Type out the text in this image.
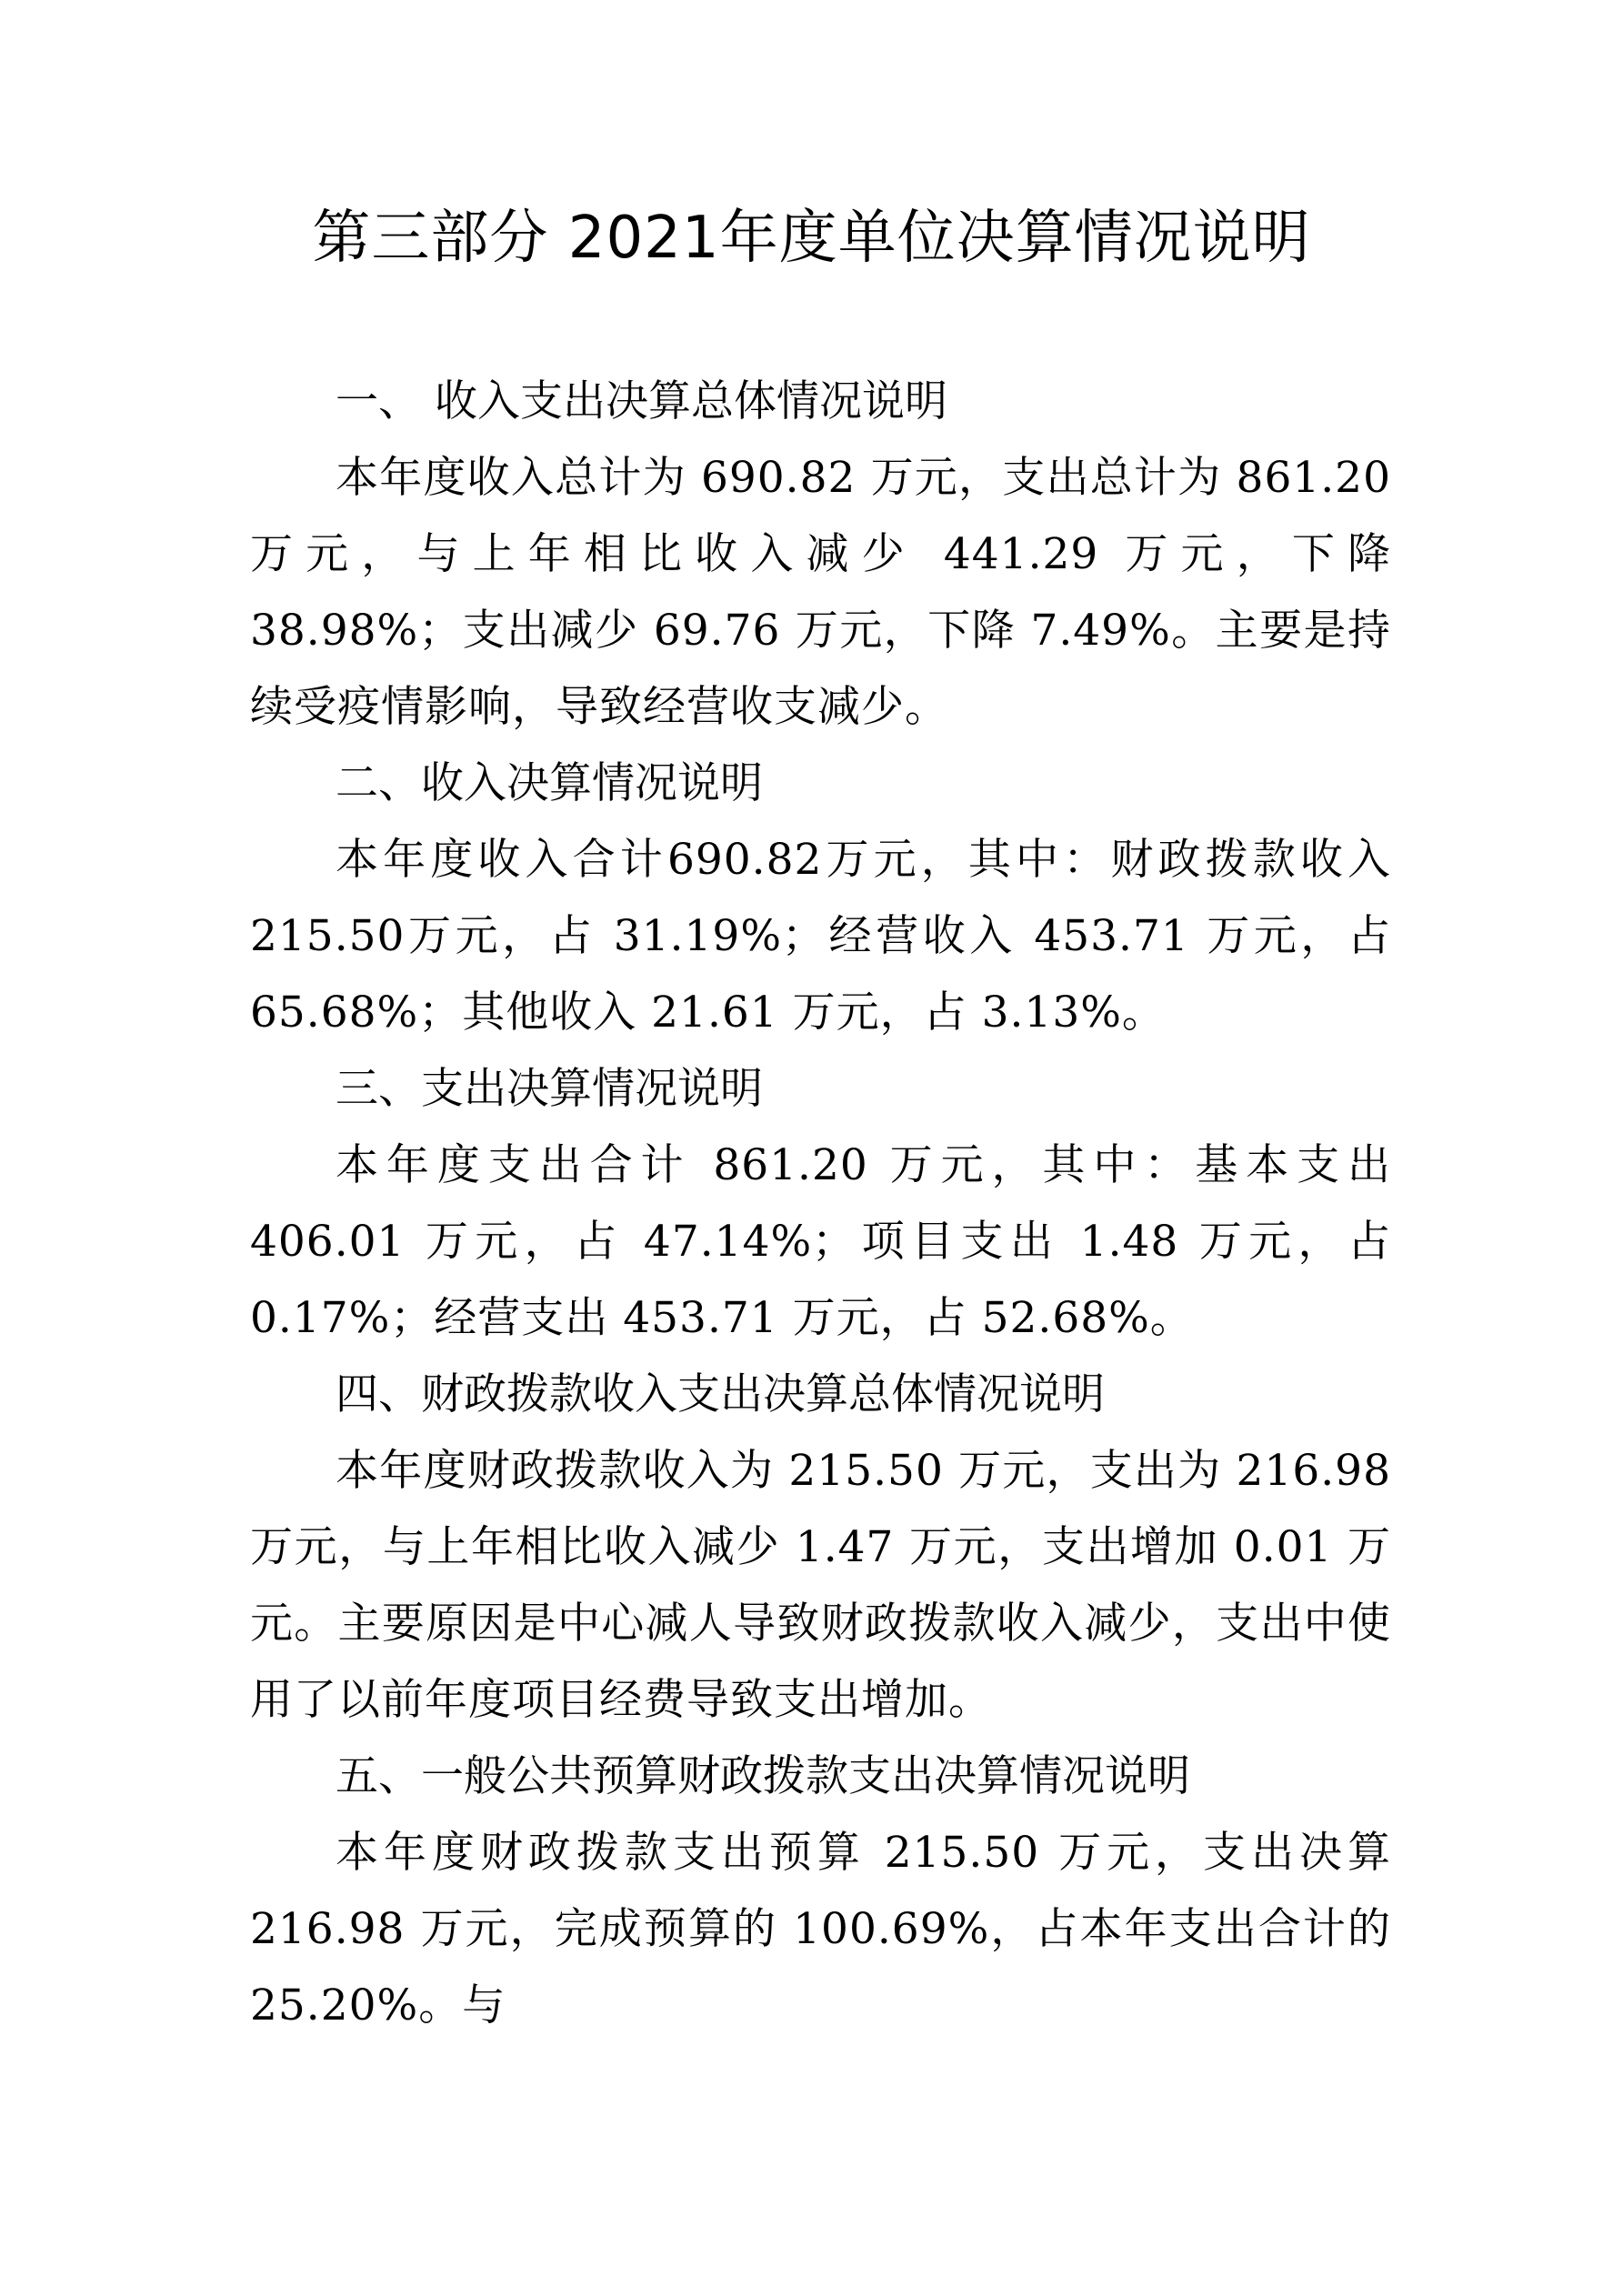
第三部分 2021年度单位决算情况说明

一、 收入支出决算总体情况说明

本年度收入总计为 690.82 万元，支出总计为 861.20 万元，与上年相比收入减少 441.29 万元，下降 38.98%；支出减少 69.76 万元，下降 7.49%。主要是持续受疫情影响，导致经营收支减少。

二、收入决算情况说明

本年度收入合计690.82万元，其中：财政拨款收入215.50万元，占 31.19%；经营收入 453.71 万元，占 65.68%；其他收入 21.61 万元，占 3.13%。

三、支出决算情况说明

本年度支出合计 861.20 万元，其中：基本支出 406.01 万元，占 47.14%；项目支出 1.48 万元，占 0.17%；经营支出 453.71 万元，占 52.68%。

四、财政拨款收入支出决算总体情况说明

本年度财政拨款收入为 215.50 万元，支出为 216.98 万元，与上年相比收入减少 1.47 万元，支出增加 0.01 万元。主要原因是中心减人导致财政拨款收入减少，支出中使用了以前年度项目经费导致支出增加。

五、一般公共预算财政拨款支出决算情况说明

本年度财政拨款支出预算 215.50 万元，支出决算 216.98 万元，完成预算的 100.69%，占本年支出合计的 25.20%。与
